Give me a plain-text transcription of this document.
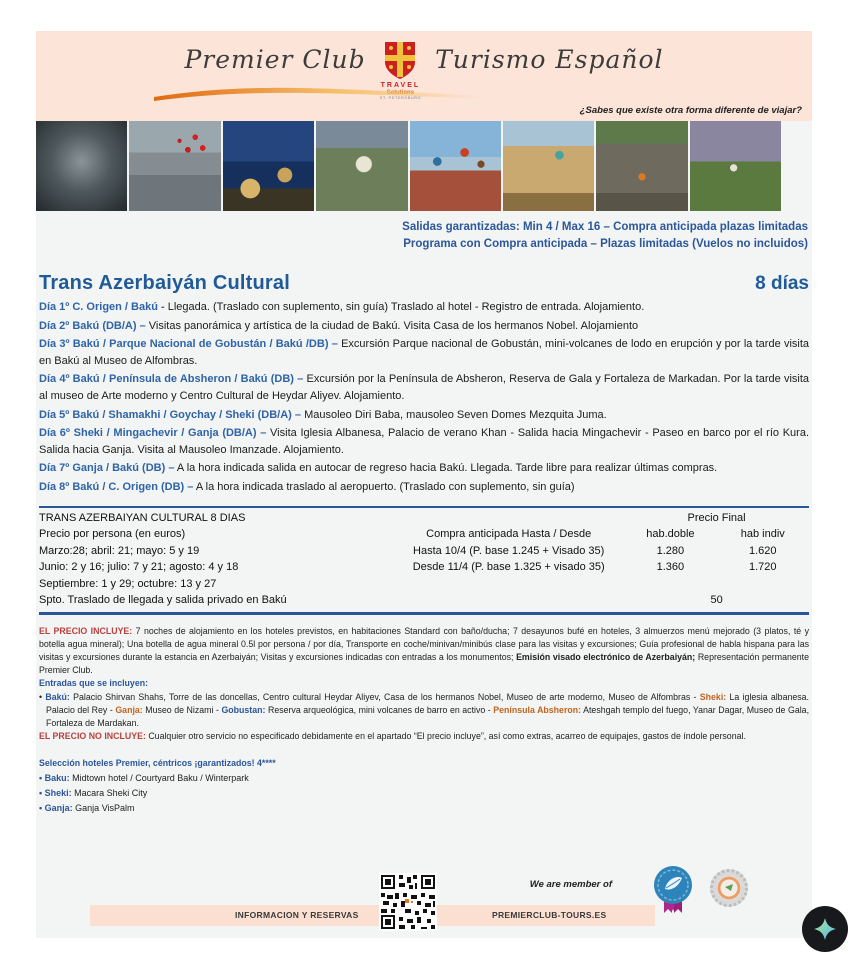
Premier Club
TRAVEL
ST. PETERSBURG
Turismo Español
¿Sabes que existe otra forma diferente de viajar?
Salidas garantizadas: Min 4 / Max 16 – Compra anticipada plazas limitadas
Programa con Compra anticipada – Plazas limitadas (Vuelos no incluidos)
Trans Azerbaiyán Cultural	8 días

Día 1º C. Origen / Bakú - Llegada. (Traslado con suplemento, sin guía) Traslado al hotel - Registro de entrada. Alojamiento.

Día 2º Bakú (DB/A) – Visitas panorámica y artística de la ciudad de Bakú. Visita Casa de los hermanos Nobel. Alojamiento

Día 3º Bakú / Parque Nacional de Gobustán / Bakú /DB) – Excursión Parque nacional de Gobustán, mini-volcanes de lodo en erupción y por la tarde visita en Bakú al Museo de Alfombras.

Día 4º Bakú / Península de Absheron / Bakú (DB) – Excursión por la Península de Absheron, Reserva de Gala y Fortaleza de Markadan. Por la tarde visita al museo de Arte moderno y Centro Cultural de Heydar Aliyev. Alojamiento.

Día 5º Bakú / Shamakhi / Goychay / Sheki (DB/A) – Mausoleo Diri Baba, mausoleo Seven Domes Mezquita Juma.

Día 6º Sheki / Mingachevir / Ganja (DB/A) – Visita Iglesia Albanesa, Palacio de verano Khan - Salida hacia Mingachevir - Paseo en barco por el río Kura. Salida hacia Ganja. Visita al Mausoleo Imanzade. Alojamiento.

Día 7º Ganja / Bakú (DB) – A la hora indicada salida en autocar de regreso hacia Bakú. Llegada. Tarde libre para realizar últimas compras.

Día 8º Bakú / C. Origen (DB) – A la hora indicada traslado al aeropuerto. (Traslado con suplemento, sin guía)

TRANS AZERBAIYAN CULTURAL 8 DIAS	Precio Final
Precio por persona (en euros)	Compra anticipada Hasta / Desde	hab.doble	hab indiv
Marzo:28; abril: 21; mayo: 5 y 19	Hasta 10/4 (P. base 1.245 + Visado 35)	1.280	1.620
Junio: 2 y 16; julio: 7 y 21; agosto: 4 y 18	Desde 11/4 (P. base 1.325 + visado 35)	1.360	1.720
Septiembre: 1 y 29; octubre: 13 y 27
Spto. Traslado de llegada y salida privado en Bakú	50

EL PRECIO INCLUYE: 7 noches de alojamiento en los hoteles previstos, en habitaciones Standard con baño/ducha; 7 desayunos bufé en hoteles, 3 almuerzos menú mejorado (3 platos, té y botella agua mineral); Una botella de agua mineral 0.5l por persona / por día, Transporte en coche/minivan/minibús clase para las visitas y excursiones; Guía profesional de habla hispana para las visitas y excursiones durante la estancia en Azerbaiyán; Visitas y excursiones indicadas con entradas a los monumentos; Emisión visado electrónico de Azerbaiyán; Representación permanente Premier Club.

Entradas que se incluyen:

• Bakú: Palacio Shirvan Shahs, Torre de las doncellas, Centro cultural Heydar Aliyev, Casa de los hermanos Nobel, Museo de arte moderno, Museo de Alfombras - Sheki: La iglesia albanesa. Palacio del Rey - Ganja: Museo de Nizami - Gobustan: Reserva arqueológica, mini volcanes de barro en activo - Península Absheron: Ateshgah templo del fuego, Yanar Dagar, Museo de Gala, Fortaleza de Mardakan.

EL PRECIO NO INCLUYE: Cualquier otro servicio no especificado debidamente en el apartado “El precio incluye”, así como extras, acarreo de equipajes, gastos de índole personal.

Selección hoteles Premier, céntricos ¡garantizados! 4****

• Baku: Midtown hotel / Courtyard Baku / Winterpark

• Sheki: Macara Sheki City

• Ganja: Ganja VisPalm

We are member of
INFORMACION Y RESERVAS	PREMIERCLUB-TOURS.ES
